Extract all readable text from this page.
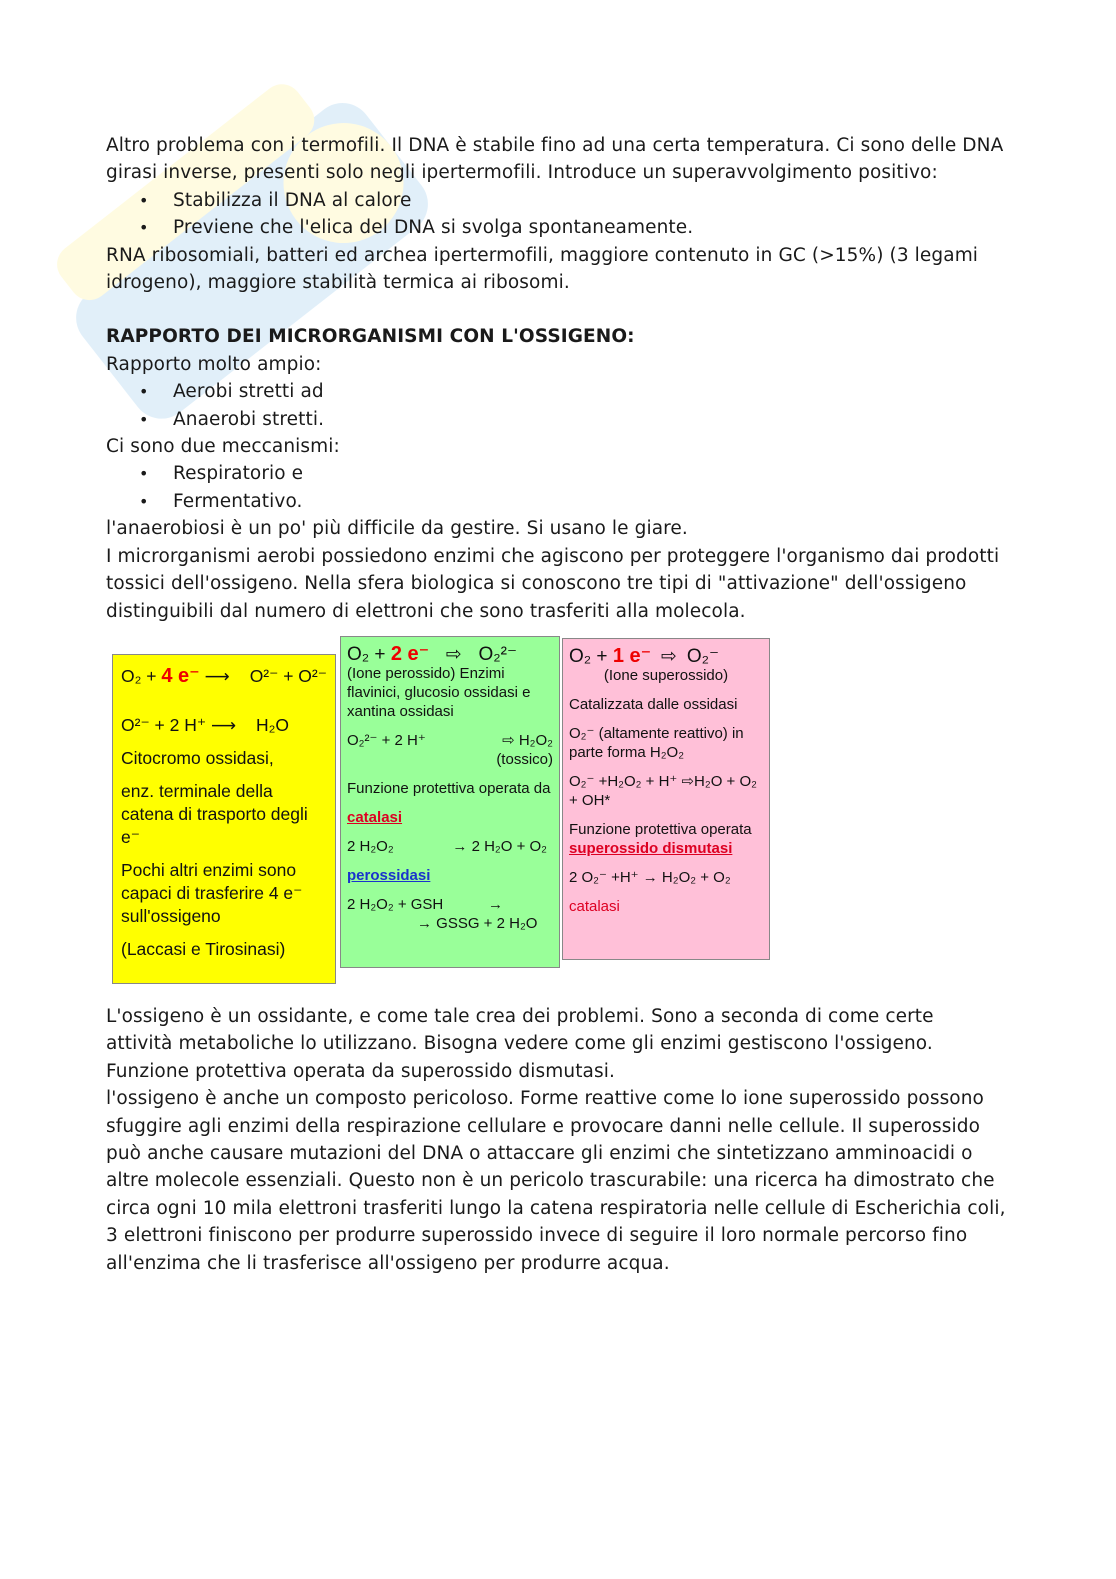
Altro problema con i termofili. Il DNA è stabile fino ad una certa temperatura. Ci sono delle DNA girasi inverse, presenti solo negli ipertermofili. Introduce un superavvolgimento positivo:

• Stabilizza il DNA al calore
• Previene che l'elica del DNA si svolga spontaneamente.

RNA ribosomiali, batteri ed archea ipertermofili, maggiore contenuto in GC (>15%) (3 legami idrogeno), maggiore stabilità termica ai ribosomi.

RAPPORTO DEI MICRORGANISMI CON L'OSSIGENO:

Rapporto molto ampio:

• Aerobi stretti ad
• Anaerobi stretti.

Ci sono due meccanismi:

• Respiratorio e
• Fermentativo.

l'anaerobiosi è un po' più difficile da gestire. Si usano le giare.

I microrganismi aerobi possiedono enzimi che agiscono per proteggere l'organismo dai prodotti tossici dell'ossigeno. Nella sfera biologica si conoscono tre tipi di "attivazione" dell'ossigeno distinguibili dal numero di elettroni che sono trasferiti alla molecola.

L'ossigeno è un ossidante, e come tale crea dei problemi. Sono a seconda di come certe attività metaboliche lo utilizzano. Bisogna vedere come gli enzimi gestiscono l'ossigeno.

Funzione protettiva operata da superossido dismutasi.

l'ossigeno è anche un composto pericoloso. Forme reattive come lo ione superossido possono sfuggire agli enzimi della respirazione cellulare e provocare danni nelle cellule. Il superossido può anche causare mutazioni del DNA o attaccare gli enzimi che sintetizzano amminoacidi o altre molecole essenziali. Questo non è un pericolo trascurabile: una ricerca ha dimostrato che circa ogni 10 mila elettroni trasferiti lungo la catena respiratoria nelle cellule di Escherichia coli, 3 elettroni finiscono per produrre superossido invece di seguire il loro normale percorso fino all'enzima che li trasferisce all'ossigeno per produrre acqua.

O₂ + 4 e⁻ ⟶ O²⁻ + O²⁻
O²⁻ + 2 H⁺ ⟶ H₂O
Citocromo ossidasi,
enz. terminale della catena di trasporto degli e⁻
Pochi altri enzimi sono capaci di trasferire 4 e⁻ sull'ossigeno
(Laccasi e Tirosinasi)
O₂ + 2 e⁻ ⇨ O₂²⁻
(Ione perossido) Enzimi flavinici, glucosio ossidasi e xantina ossidasi
O₂²⁻ + 2 H⁺	⇨ H₂O₂
(tossico)
Funzione protettiva operata da
catalasi
2 H₂O₂	→ 2 H₂O + O₂
perossidasi
2 H₂O₂ + GSH	→
→ GSSG + 2 H₂O
O₂ + 1 e⁻ ⇨ O₂⁻
(Ione superossido)
Catalizzata dalle ossidasi
O₂⁻ (altamente reattivo) in parte forma H₂O₂
O₂⁻ +H₂O₂ + H⁺ ⇨H₂O + O₂ + OH*
Funzione protettiva operata
superossido dismutasi
2 O₂⁻ +H⁺ → H₂O₂ + O₂
catalasi
